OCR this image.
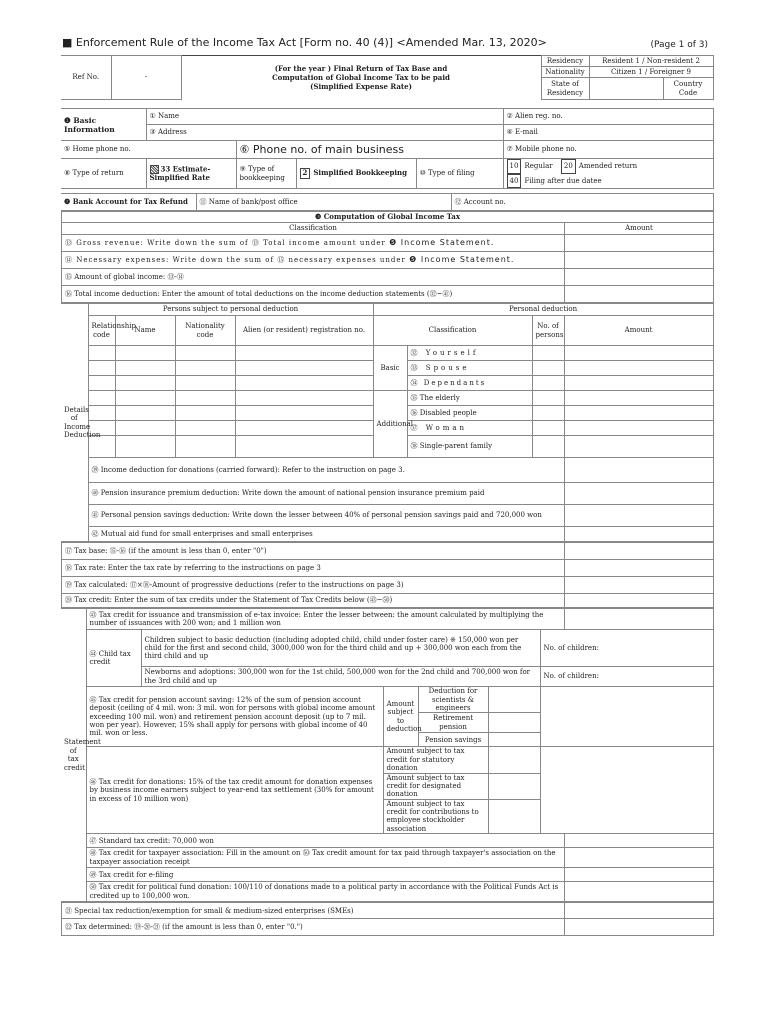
■ Enforcement Rule of the Income Tax Act [Form no. 40 (4)] <Amended Mar. 13, 2020>	(Page 1 of 3)
Ref No.	-	(For the year ) Final Return of Tax Base and
Computation of Global Income Tax to be paid
(Simplified Expense Rate)	Residency	Resident 1 / Non-resident 2	
			Nationality	Citizen 1 / Foreigner 9	
			State of Residency		Country Code
❶ Basic Information	① Name				② Alien reg. no.
	③ Address				④ E-mail
⑤ Home phone no.		⑥ Phone no. of main business			⑦ Mobile phone no.
⑧ Type of return	33 Estimate-Simplified Rate	⑨ Type of bookkeeping	2 Simplified Bookkeeping	⑩ Type of filing	10 Regular 20 Amended return
40 Filing after due datee
❷ Bank Account for Tax Refund	⑪ Name of bank/post office	⑫ Account no.
❸ Computation of Global Income Tax	
Classification	Amount
⑬ Gross revenue: Write down the sum of ⑬ Total income amount under ❺ Income Statement.	
⑭ Necessary expenses: Write down the sum of ⑮ necessary expenses under ❺ Income Statement.	
⑮ Amount of global income: ⑬-⑭	
⑯ Total income deduction: Enter the amount of total deductions on the income deduction statements (㉜~㊶)	
Details of Income Deduction	Persons subject to personal deduction				Personal deduction			
	Relationship code	Name	Nationality code	Alien (or resident) registration no.	Classification		No. of persons	Amount
					Basic	㉜ Yourself		
						㉝ Spouse		
						㉞ Dependants		
					Additional	㉟ The elderly		
						㊱ Disabled people		
						㊲ Woman		
						㊳ Single-parent family		
	㊴ Income deduction for donations (carried forward): Refer to the instruction on page 3.							
	㊵ Pension insurance premium deduction: Write down the amount of national pension insurance premium paid							
	㊶ Personal pension savings deduction: Write down the lesser between 40% of personal pension savings paid and 720,000 won							
	㊷ Mutual aid fund for small enterprises and small enterprises							
⑰ Tax base: ⑮-⑯ (if the amount is less than 0, enter "0")	
⑱ Tax rate: Enter the tax rate by referring to the instructions on page 3	
⑲ Tax calculated: ⑰×⑱-Amount of progressive deductions (refer to the instructions on page 3)	
⑳ Tax credit: Enter the sum of tax credits under the Statement of Tax Credits below (㊸~㊿)	
Statement of tax credit	㊸ Tax credit for issuance and transmission of e-tax invoice: Enter the lesser between: the amount calculated by multiplying the number of issuances with 200 won; and 1 million won						
	㊹ Child tax credit	Children subject to basic deduction (including adopted child, child under foster care) ※ 150,000 won per child for the first and second child, 3000,000 won for the third child and up + 300,000 won each from the third child and up				No. of children:	
		Newborns and adoptions: 300,000 won for the 1st child, 500,000 won for the 2nd child and 700,000 won for the 3rd child and up				No. of children:	
	㊺ Tax credit for pension account saving: 12% of the sum of pension account deposit (ceiling of 4 mil. won: 3 mil. won for persons with global income amount exceeding 100 mil. won) and retirement pension account deposit (up to 7 mil. won per year). However, 15% shall apply for persons with global income of 40 mil. won or less.		Amount subject to deduction	Deduction for scientists & engineers			
				Retirement pension			
				Pension savings			
	㊻ Tax credit for donations: 15% of the tax credit amount for donation expenses by business income earners subject to year-end tax settlement (30% for amount in excess of 10 million won)		Amount subject to tax credit for statutory donation				
			Amount subject to tax credit for designated donation				
			Amount subject to tax credit for contributions to employee stockholder association				
	㊼ Standard tax credit: 70,000 won						
	㊽ Tax credit for taxpayer association: Fill in the amount on ㊿ Tax credit amount for tax paid through taxpayer's association on the taxpayer association receipt						
	㊾ Tax credit for e-filing						
	㊿ Tax credit for political fund donation: 100/110 of donations made to a political party in accordance with the Political Funds Act is credited up to 100,000 won.						
㉑ Special tax reduction/exemption for small & medium-sized enterprises (SMEs)	
㉒ Tax determined: ⑲-⑳-㉑ (if the amount is less than 0, enter "0.")	
